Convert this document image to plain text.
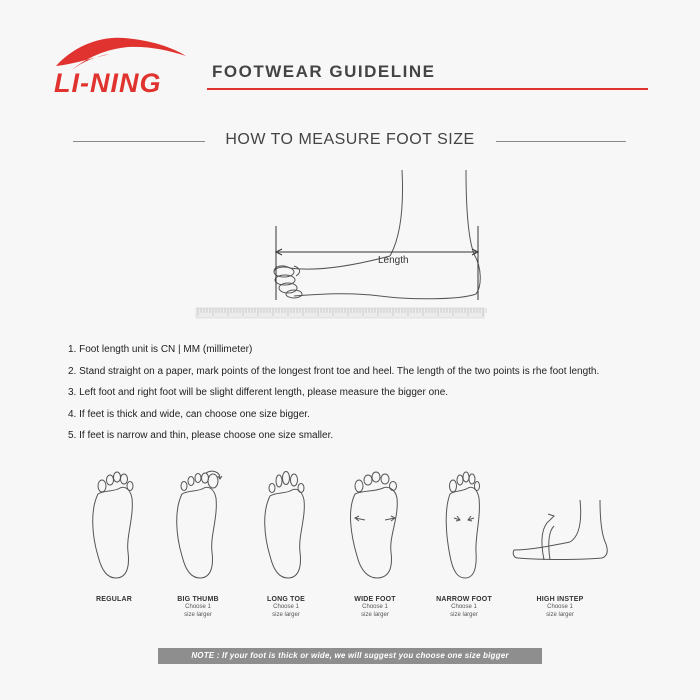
LI-NING	FOOTWEAR GUIDELINE
HOW TO MEASURE FOOT SIZE
Length
1. Foot length unit is CN | MM (millimeter)
2. Stand straight on a paper, mark points of the longest front toe and heel. The length of the two points is rhe foot length.
3. Left foot and right foot will be slight different length, please measure the bigger one.
4. If feet is thick and wide, can choose one size bigger.
5. If feet is narrow and thin, please choose one size smaller.
REGULAR	BIG THUMB
Choose 1
size larger
LONG TOE
Choose 1
size larger
WIDE FOOT
Choose 1
size larger
NARROW FOOT
Choose 1
size larger
HIGH INSTEP
Choose 1
size larger
NOTE : If your foot is thick or wide, we will suggest you choose one size bigger
